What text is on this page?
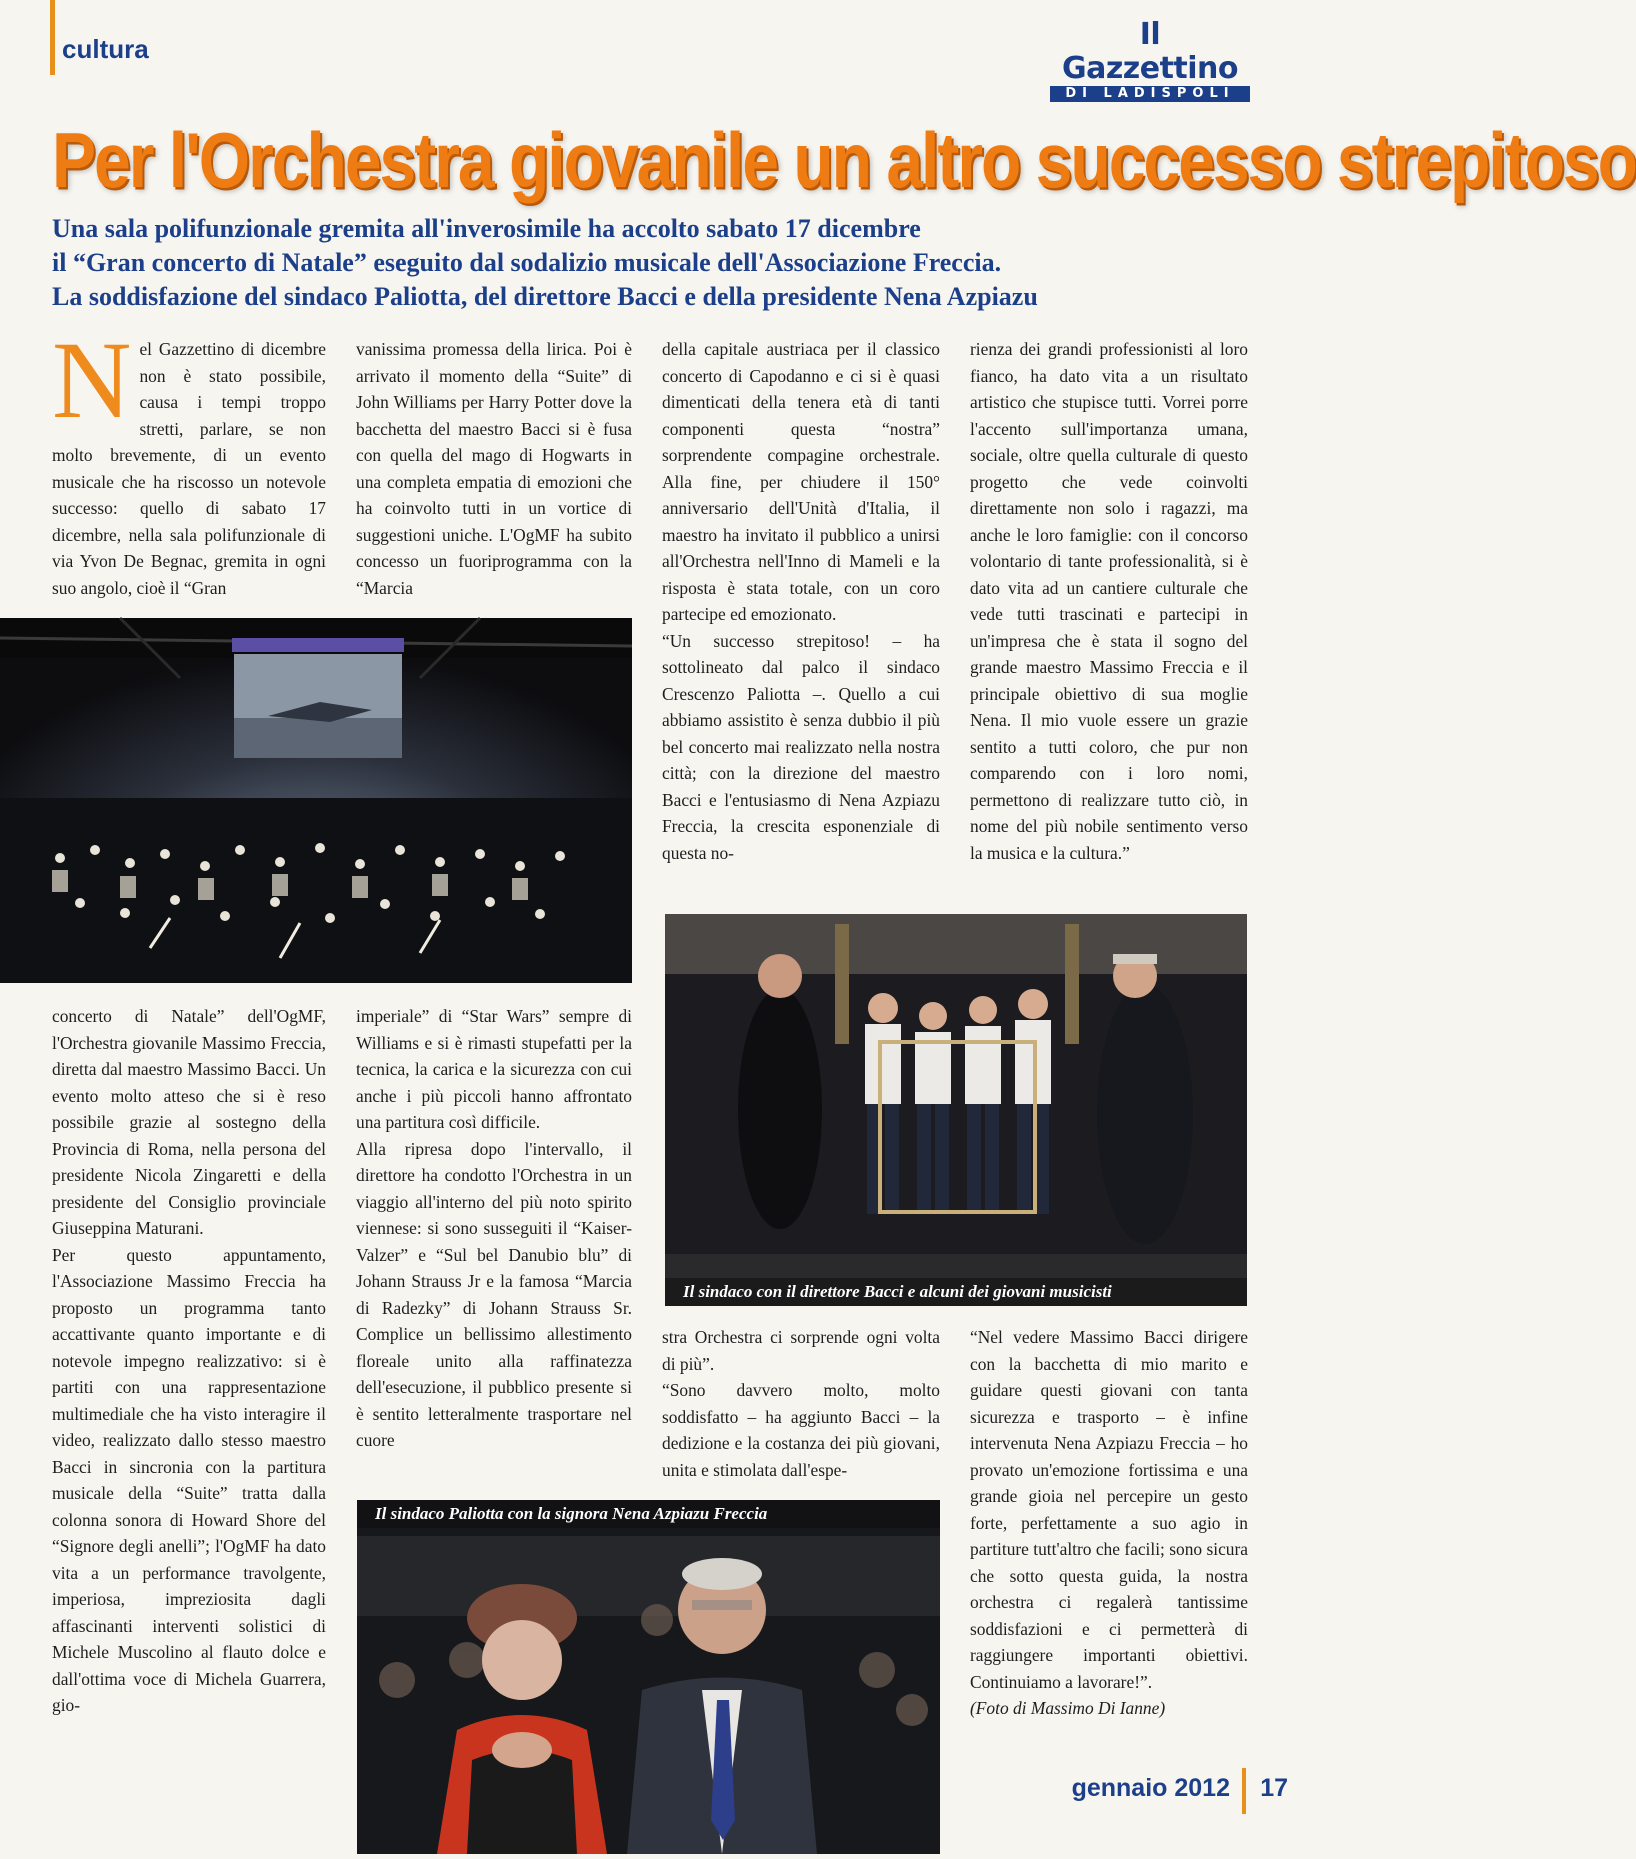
cultura	Il Gazzettino
DI LADISPOLI
Per l'Orchestra giovanile un altro successo strepitoso
Una sala polifunzionale gremita all'inverosimile ha accolto sabato 17 dicembre
il “Gran concerto di Natale” eseguito dal sodalizio musicale dell'Associazione Freccia.
La soddisfazione del sindaco Paliotta, del direttore Bacci e della presidente Nena Azpiazu
Nel Gazzettino di dicembre non è stato possibile, causa i tempi troppo stretti, parlare, se non molto brevemente, di un evento musicale che ha riscosso un notevole successo: quello di sabato 17 dicembre, nella sala polifunzionale di via Yvon De Begnac, gremita in ogni suo angolo, cioè il “Gran
vanissima promessa della lirica. Poi è arrivato il momento della “Suite” di John Williams per Harry Potter dove la bacchetta del maestro Bacci si è fusa con quella del mago di Hogwarts in una completa empatia di emozioni che ha coinvolto tutti in un vortice di suggestioni uniche. L'OgMF ha subito concesso un fuoriprogramma con la “Marcia
della capitale austriaca per il classico concerto di Capodanno e ci si è quasi dimenticati della tenera età di tanti componenti questa “nostra” sorprendente compagine orchestrale. Alla fine, per chiudere il 150° anniversario dell'Unità d'Italia, il maestro ha invitato il pubblico a unirsi all'Orchestra nell'Inno di Mameli e la risposta è stata totale, con un coro partecipe ed emozionato.
“Un successo strepitoso! – ha sottolineato dal palco il sindaco Crescenzo Paliotta –. Quello a cui abbiamo assistito è senza dubbio il più bel concerto mai realizzato nella nostra città; con la direzione del maestro Bacci e l'entusiasmo di Nena Azpiazu Freccia, la crescita esponenziale di questa no-
rienza dei grandi professionisti al loro fianco, ha dato vita a un risultato artistico che stupisce tutti. Vorrei porre l'accento sull'importanza umana, sociale, oltre quella culturale di questo progetto che vede coinvolti direttamente non solo i ragazzi, ma anche le loro famiglie: con il concorso volontario di tante professionalità, si è dato vita ad un cantiere culturale che vede tutti trascinati e partecipi in un'impresa che è stata il sogno del grande maestro Massimo Freccia e il principale obiettivo di sua moglie Nena. Il mio vuole essere un grazie sentito a tutti coloro, che pur non comparendo con i loro nomi, permettono di realizzare tutto ciò, in nome del più nobile sentimento verso la musica e la cultura.”
Il sindaco con il direttore Bacci e alcuni dei giovani musicisti
concerto di Natale” dell'OgMF, l'Orchestra giovanile Massimo Freccia, diretta dal maestro Massimo Bacci. Un evento molto atteso che si è reso possibile grazie al sostegno della Provincia di Roma, nella persona del presidente Nicola Zingaretti e della presidente del Consiglio provinciale Giuseppina Maturani.
Per questo appuntamento, l'Associazione Massimo Freccia ha proposto un programma tanto accattivante quanto importante e di notevole impegno realizzativo: si è partiti con una rappresentazione multimediale che ha visto interagire il video, realizzato dallo stesso maestro Bacci in sincronia con la partitura musicale della “Suite” tratta dalla colonna sonora di Howard Shore del “Signore degli anelli”; l'OgMF ha dato vita a un performance travolgente, imperiosa, impreziosita dagli affascinanti interventi solistici di Michele Muscolino al flauto dolce e dall'ottima voce di Michela Guarrera, gio-
imperiale” di “Star Wars” sempre di Williams e si è rimasti stupefatti per la tecnica, la carica e la sicurezza con cui anche i più piccoli hanno affrontato una partitura così difficile.
Alla ripresa dopo l'intervallo, il direttore ha condotto l'Orchestra in un viaggio all'interno del più noto spirito viennese: si sono susseguiti il “Kaiser-Valzer” e “Sul bel Danubio blu” di Johann Strauss Jr e la famosa “Marcia di Radezky” di Johann Strauss Sr. Complice un bellissimo allestimento floreale unito alla raffinatezza dell'esecuzione, il pubblico presente si è sentito letteralmente trasportare nel cuore
stra Orchestra ci sorprende ogni volta di più”.
“Sono davvero molto, molto soddisfatto – ha aggiunto Bacci – la dedizione e la costanza dei più giovani, unita e stimolata dall'espe-
“Nel vedere Massimo Bacci dirigere con la bacchetta di mio marito e guidare questi giovani con tanta sicurezza e trasporto – è infine intervenuta Nena Azpiazu Freccia – ho provato un'emozione fortissima e una grande gioia nel percepire un gesto forte, perfettamente a suo agio in partiture tutt'altro che facili; sono sicura che sotto questa guida, la nostra orchestra ci regalerà tantissime soddisfazioni e ci permetterà di raggiungere importanti obiettivi. Continuiamo a lavorare!”.
(Foto di Massimo Di Ianne)
Il sindaco Paliotta con la signora Nena Azpiazu Freccia
gennaio 2012 17
